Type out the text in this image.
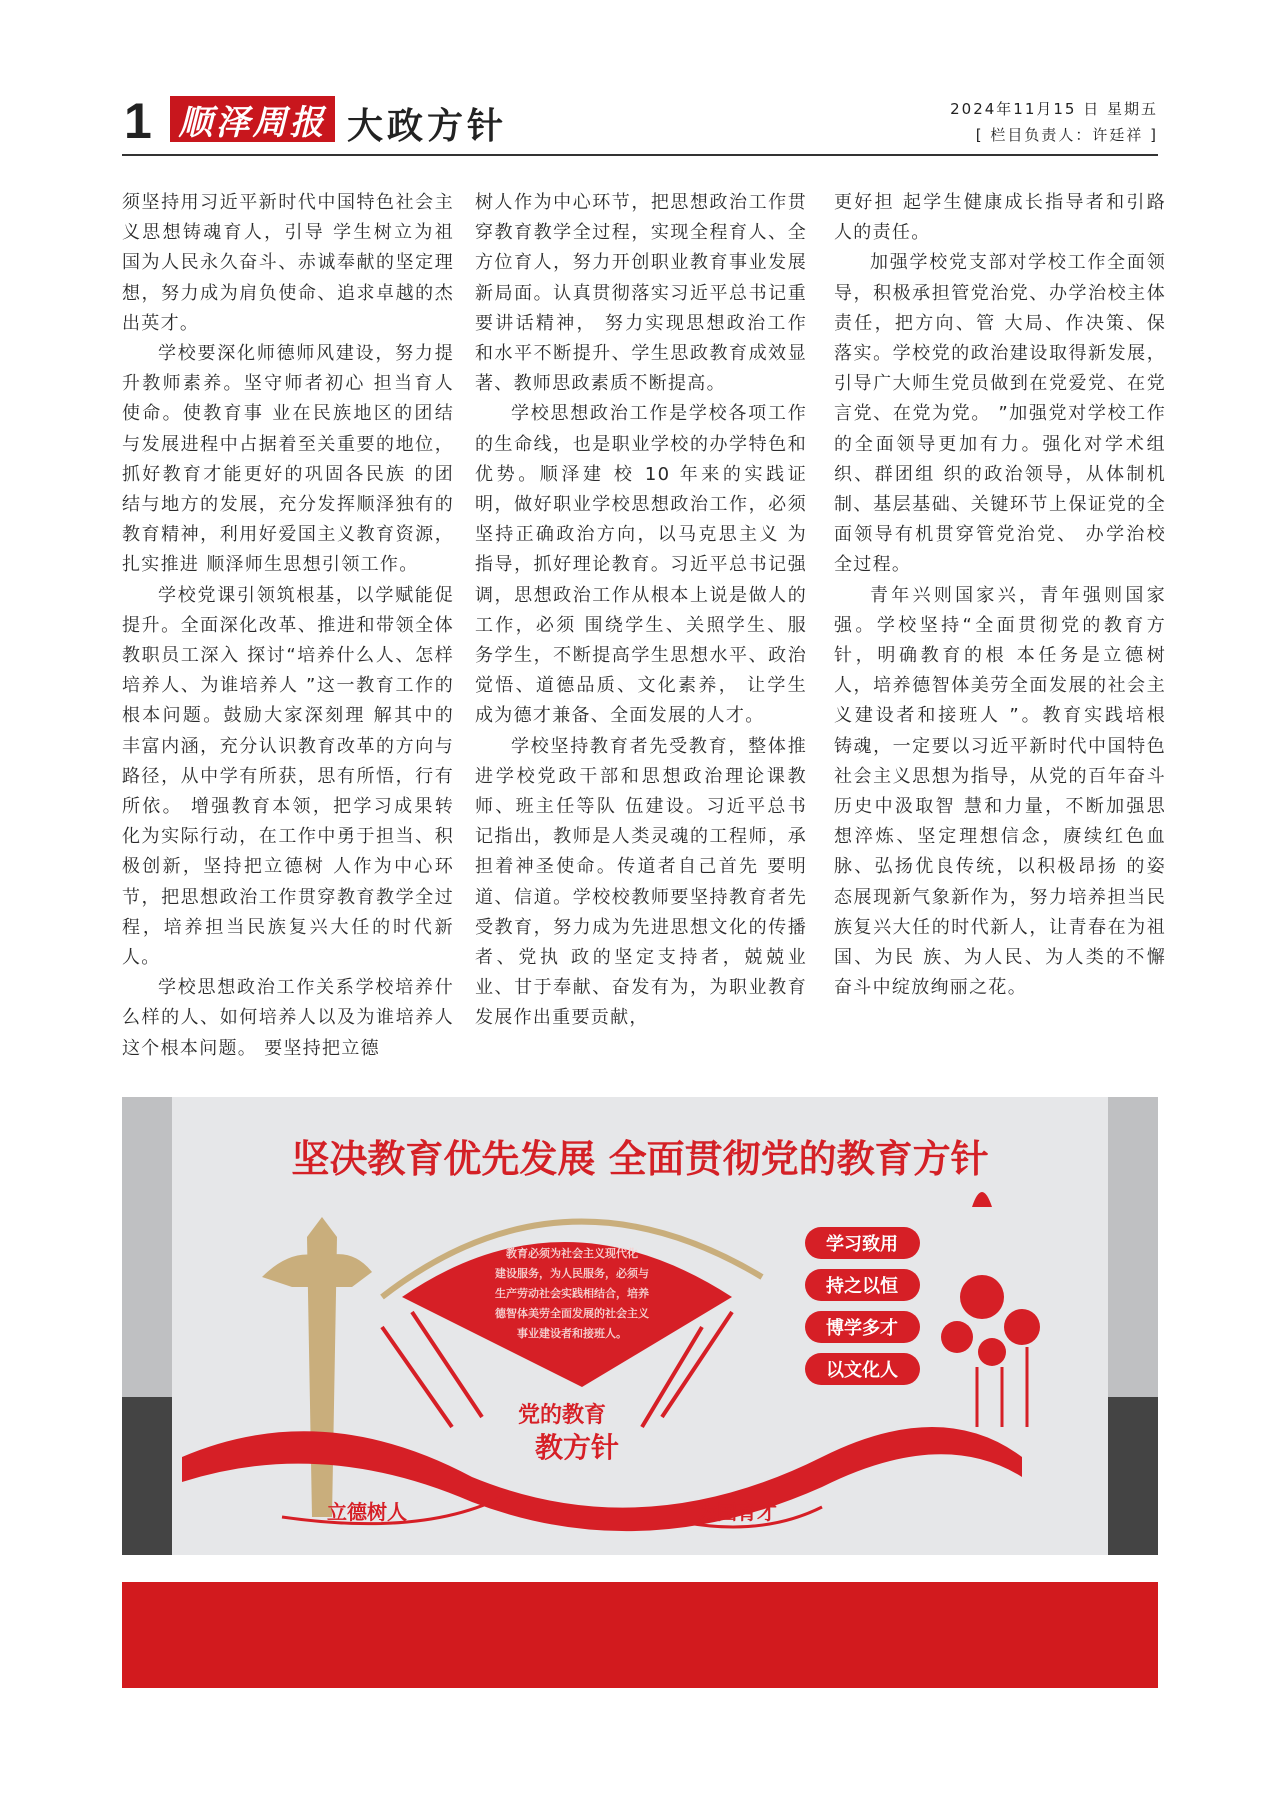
1 顺泽周报 大政方针	2024年11月15 日 星期五
[ 栏目负责人：许廷祥 ]

须坚持用习近平新时代中国特色社会主义思想铸魂育人，引导 学生树立为祖国为人民永久奋斗、赤诚奉献的坚定理想，努力成为肩负使命、追求卓越的杰 出英才。

学校要深化师德师风建设，努力提升教师素养。坚守师者初心 担当育人使命。使教育事 业在民族地区的团结与发展进程中占据着至关重要的地位，抓好教育才能更好的巩固各民族 的团结与地方的发展，充分发挥顺泽独有的教育精神，利用好爱国主义教育资源，扎实推进 顺泽师生思想引领工作。

学校党课引领筑根基，以学赋能促提升。全面深化改革、推进和带领全体教职员工深入 探讨“培养什么人、怎样培养人、为谁培养人 ”这一教育工作的根本问题。鼓励大家深刻理 解其中的丰富内涵，充分认识教育改革的方向与路径，从中学有所获，思有所悟，行有所依。 增强教育本领，把学习成果转化为实际行动，在工作中勇于担当、积极创新，坚持把立德树 人作为中心环节，把思想政治工作贯穿教育教学全过程，培养担当民族复兴大任的时代新人。

学校思想政治工作关系学校培养什么样的人、如何培养人以及为谁培养人这个根本问题。 要坚持把立德

树人作为中心环节，把思想政治工作贯穿教育教学全过程，实现全程育人、全 方位育人，努力开创职业教育事业发展新局面。认真贯彻落实习近平总书记重要讲话精神， 努力实现思想政治工作和水平不断提升、学生思政教育成效显著、教师思政素质不断提高。

学校思想政治工作是学校各项工作的生命线，也是职业学校的办学特色和优势。顺泽建 校 10 年来的实践证明，做好职业学校思想政治工作，必须坚持正确政治方向，以马克思主义 为指导，抓好理论教育。习近平总书记强调，思想政治工作从根本上说是做人的工作，必须 围绕学生、关照学生、服务学生，不断提高学生思想水平、政治觉悟、道德品质、文化素养， 让学生成为德才兼备、全面发展的人才。

学校坚持教育者先受教育，整体推进学校党政干部和思想政治理论课教师、班主任等队 伍建设。习近平总书记指出，教师是人类灵魂的工程师，承担着神圣使命。传道者自己首先 要明道、信道。学校校教师要坚持教育者先受教育，努力成为先进思想文化的传播者、党执 政的坚定支持者，兢兢业业、甘于奉献、奋发有为，为职业教育发展作出重要贡献，

更好担 起学生健康成长指导者和引路人的责任。

加强学校党支部对学校工作全面领导，积极承担管党治党、办学治校主体责任，把方向、管 大局、作决策、保落实。学校党的政治建设取得新发展，引导广大师生党员做到在党爱党、在党言党、在党为党。 ”加强党对学校工作的全面领导更加有力。强化对学术组织、群团组 织的政治领导，从体制机制、基层基础、关键环节上保证党的全面领导有机贯穿管党治党、 办学治校全过程。

青年兴则国家兴，青年强则国家强。学校坚持“全面贯彻党的教育方针，明确教育的根 本任务是立德树人，培养德智体美劳全面发展的社会主义建设者和接班人 ”。教育实践培根 铸魂，一定要以习近平新时代中国特色社会主义思想为指导，从党的百年奋斗历史中汲取智 慧和力量，不断加强思想淬炼、坚定理想信念，赓续红色血脉、弘扬优良传统，以积极昂扬 的姿态展现新气象新作为，努力培养担当民族复兴大任的时代新人，让青春在为祖国、为民 族、为人民、为人类的不懈奋斗中绽放绚丽之花。

坚决教育优先发展 全面贯彻党的教育方针
教育必须为社会主义现代化
建设服务，为人民服务，必须与
生产劳动社会实践相结合，培养
德智体美劳全面发展的社会主义
事业建设者和接班人。
党的教育
教方针
学习致用
持之以恒
博学多才
以文化人
立德树人	为国育才
